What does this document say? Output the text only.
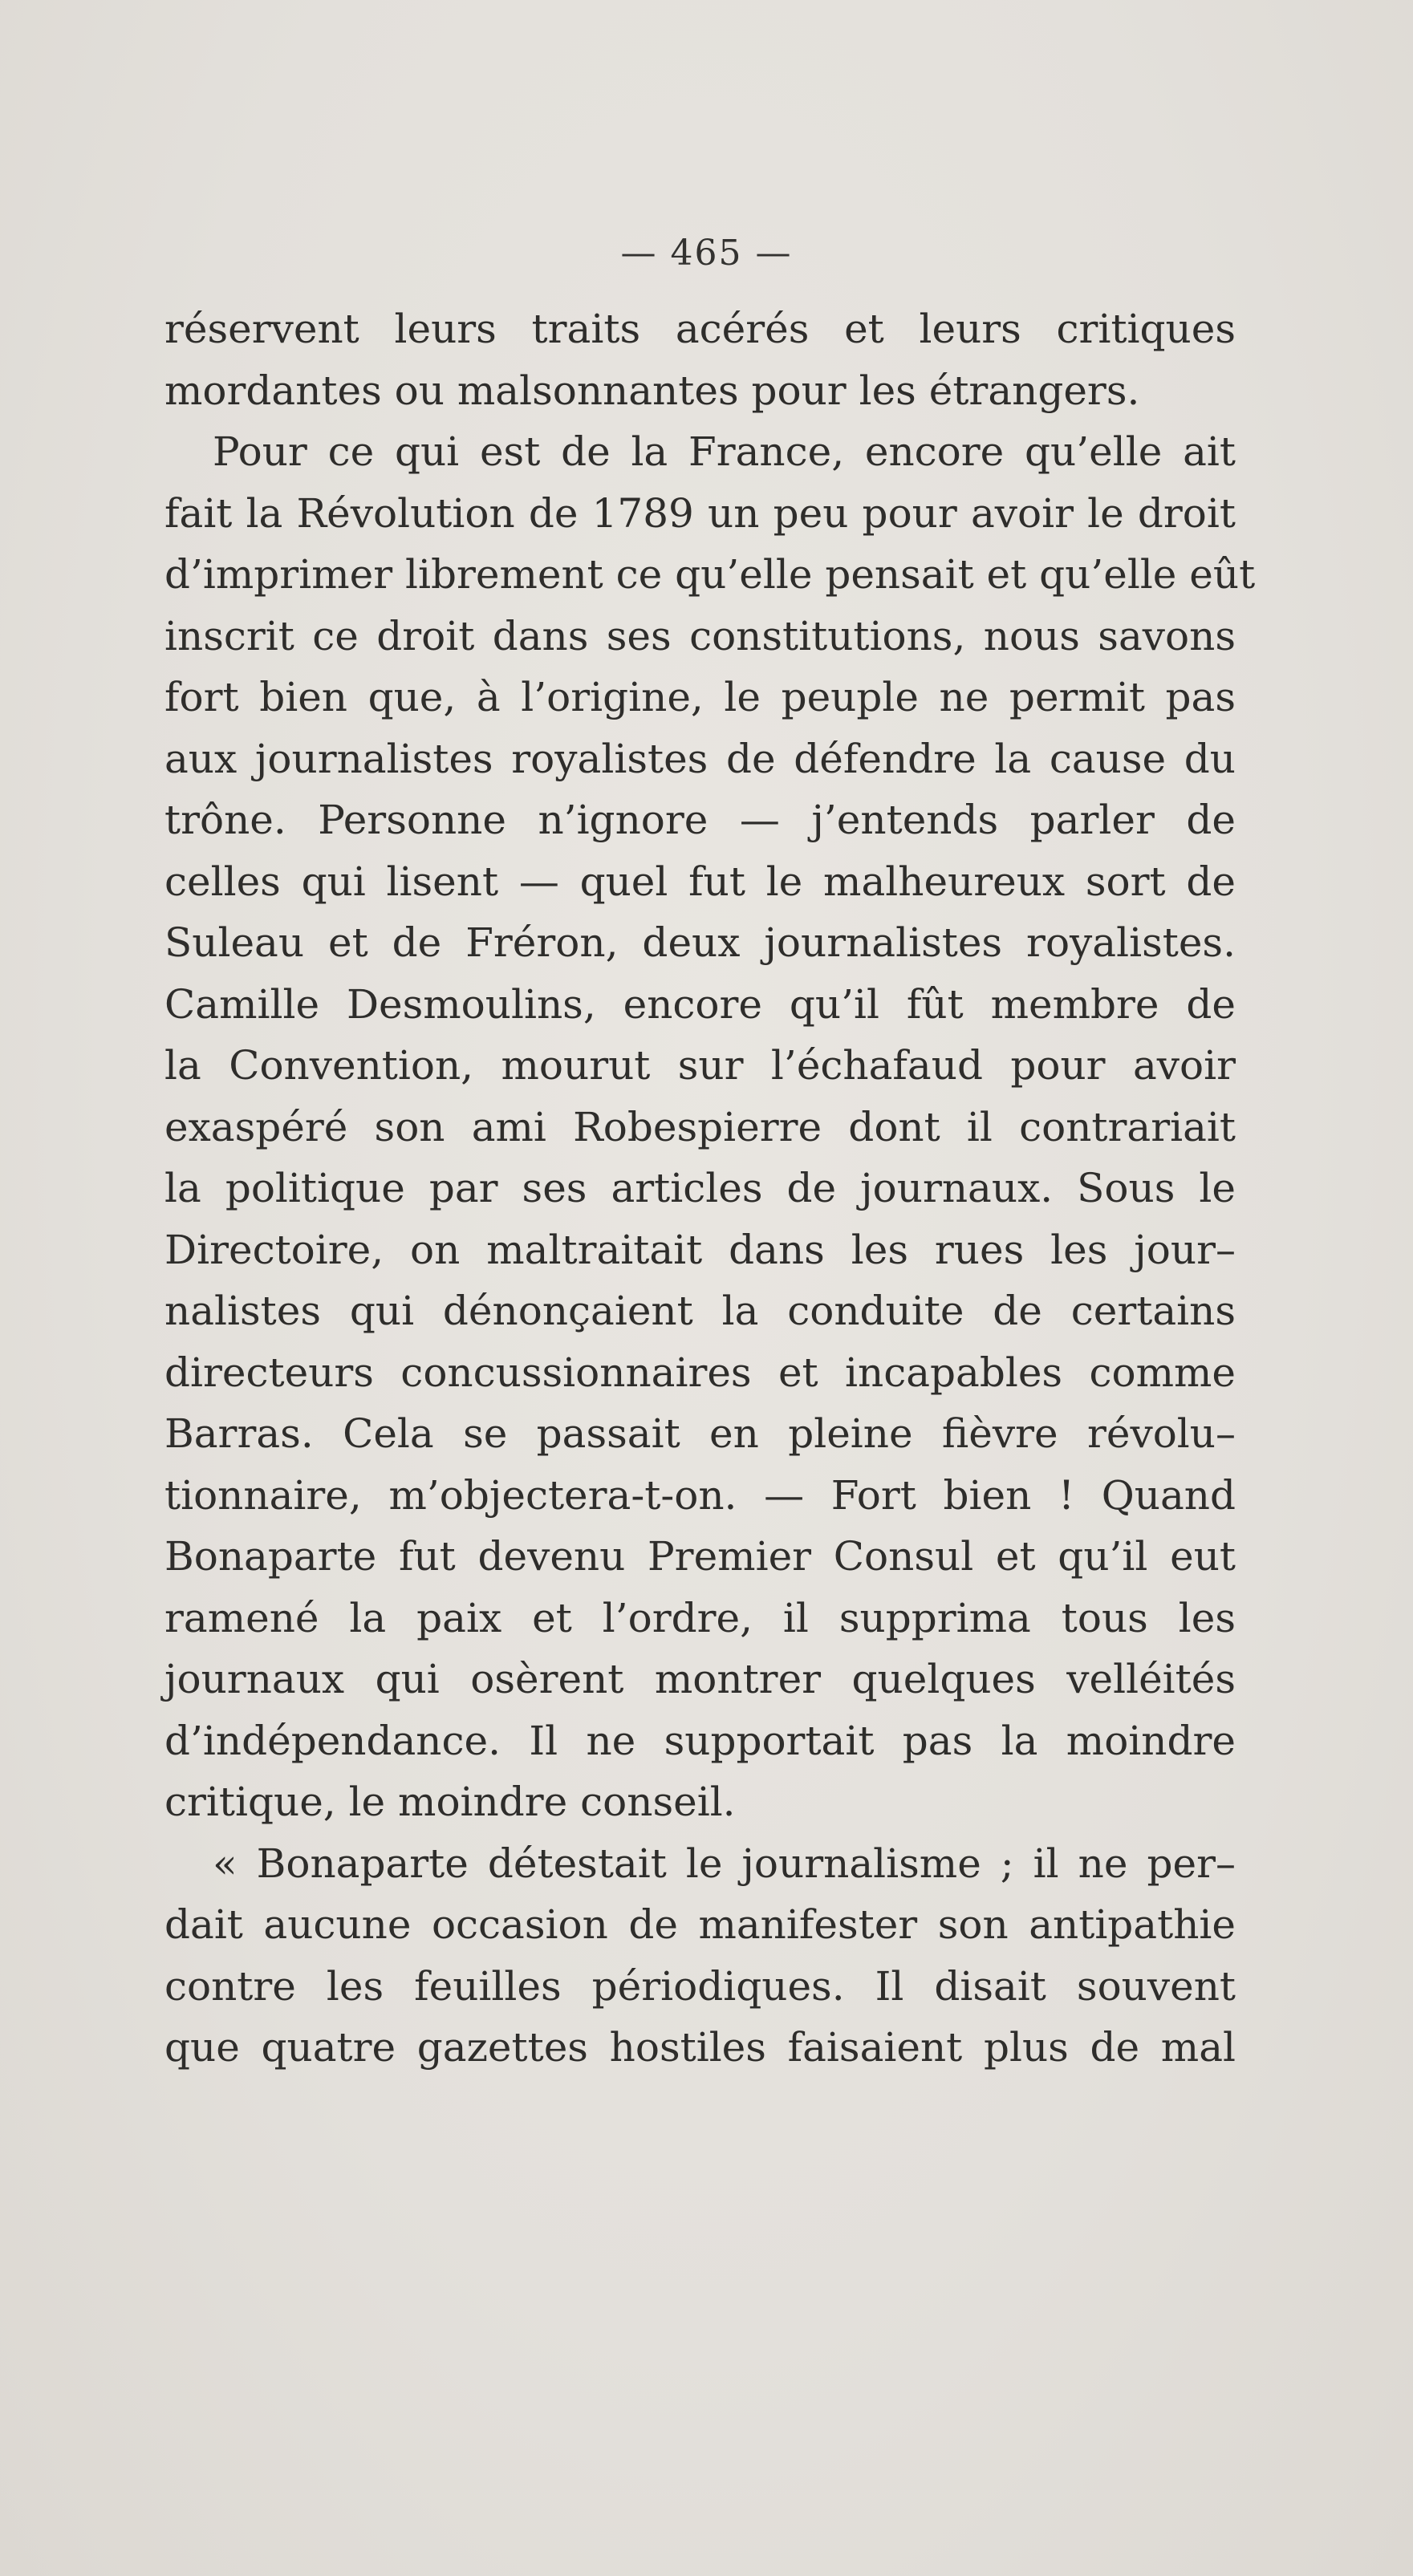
— 465 —
réservent leurs traits acérés et leurs critiques
mordantes ou malsonnantes pour les étrangers.
Pour ce qui est de la France, encore qu’elle ait
fait la Révolution de 1789 un peu pour avoir le droit
d’imprimer librement ce qu’elle pensait et qu’elle eût
inscrit ce droit dans ses constitutions, nous savons
fort bien que, à l’origine, le peuple ne permit pas
aux journalistes royalistes de défendre la cause du
trône. Personne n’ignore — j’entends parler de
celles qui lisent — quel fut le malheureux sort de
Suleau et de Fréron, deux journalistes royalistes.
Camille Desmoulins, encore qu’il fût membre de
la Convention, mourut sur l’échafaud pour avoir
exaspéré son ami Robespierre dont il contrariait
la politique par ses articles de journaux. Sous le
Directoire, on maltraitait dans les rues les jour–
nalistes qui dénonçaient la conduite de certains
directeurs concussionnaires et incapables comme
Barras. Cela se passait en pleine fièvre révolu–
tionnaire, m’objectera-t-on. — Fort bien ! Quand
Bonaparte fut devenu Premier Consul et qu’il eut
ramené la paix et l’ordre, il supprima tous les
journaux qui osèrent montrer quelques velléités
d’indépendance. Il ne supportait pas la moindre
critique, le moindre conseil.
« Bonaparte détestait le journalisme ; il ne per–
dait aucune occasion de manifester son antipathie
contre les feuilles périodiques. Il disait souvent
que quatre gazettes hostiles faisaient plus de mal
